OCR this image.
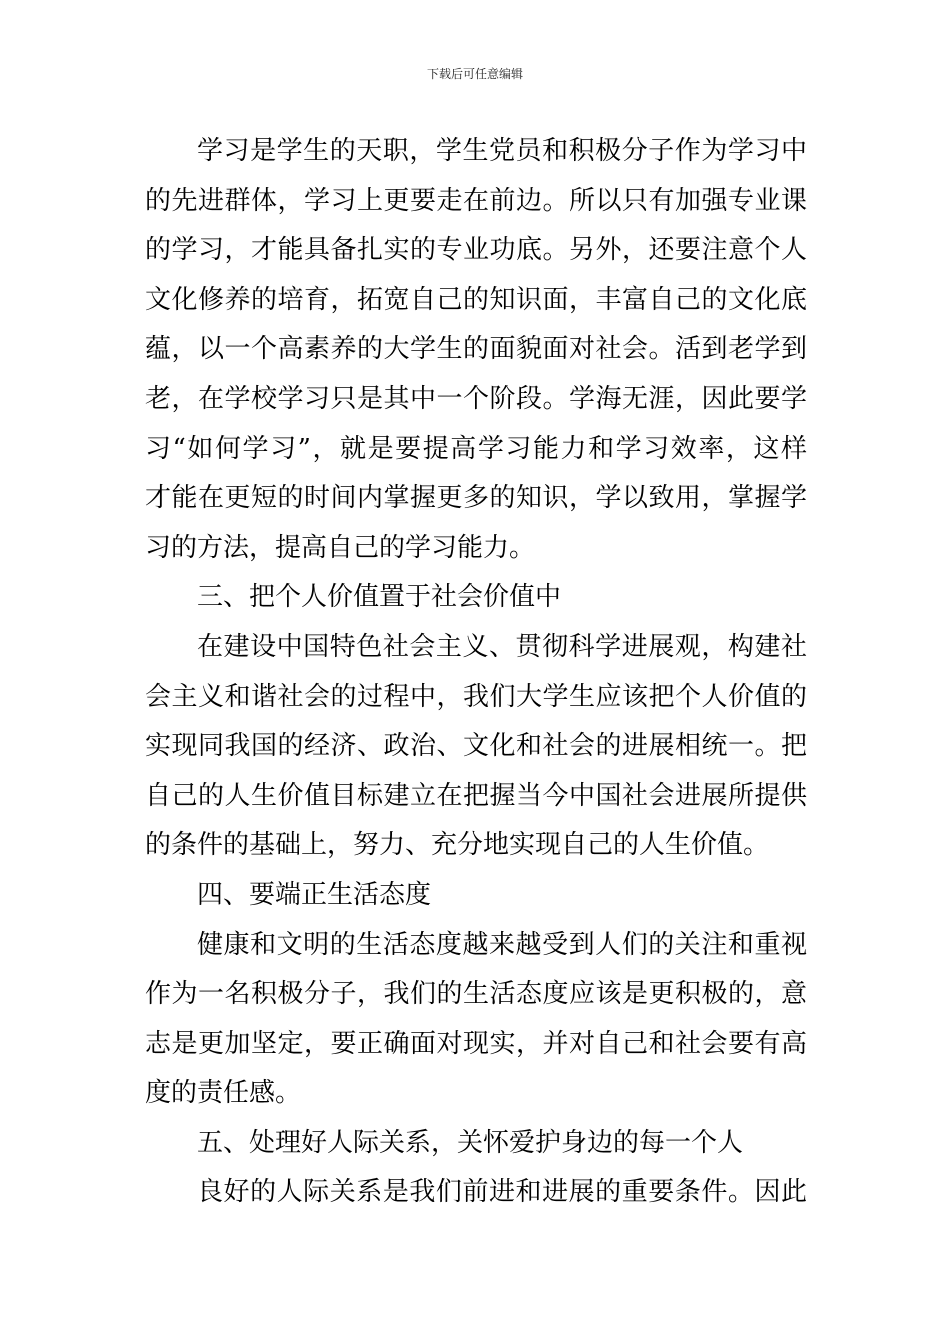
下载后可任意编辑
学习是学生的天职，学生党员和积极分子作为学习中
的先进群体，学习上更要走在前边。所以只有加强专业课
的学习，才能具备扎实的专业功底。另外，还要注意个人
文化修养的培育，拓宽自己的知识面，丰富自己的文化底
蕴，以一个高素养的大学生的面貌面对社会。活到老学到
老，在学校学习只是其中一个阶段。学海无涯，因此要学
习“如何学习”，就是要提高学习能力和学习效率，这样
才能在更短的时间内掌握更多的知识，学以致用，掌握学
习的方法，提高自己的学习能力。
三、把个人价值置于社会价值中
在建设中国特色社会主义、贯彻科学进展观，构建社
会主义和谐社会的过程中，我们大学生应该把个人价值的
实现同我国的经济、政治、文化和社会的进展相统一。把
自己的人生价值目标建立在把握当今中国社会进展所提供
的条件的基础上，努力、充分地实现自己的人生价值。
四、要端正生活态度
健康和文明的生活态度越来越受到人们的关注和重视
作为一名积极分子，我们的生活态度应该是更积极的，意
志是更加坚定，要正确面对现实，并对自己和社会要有高
度的责任感。
五、处理好人际关系，关怀爱护身边的每一个人
良好的人际关系是我们前进和进展的重要条件。因此
